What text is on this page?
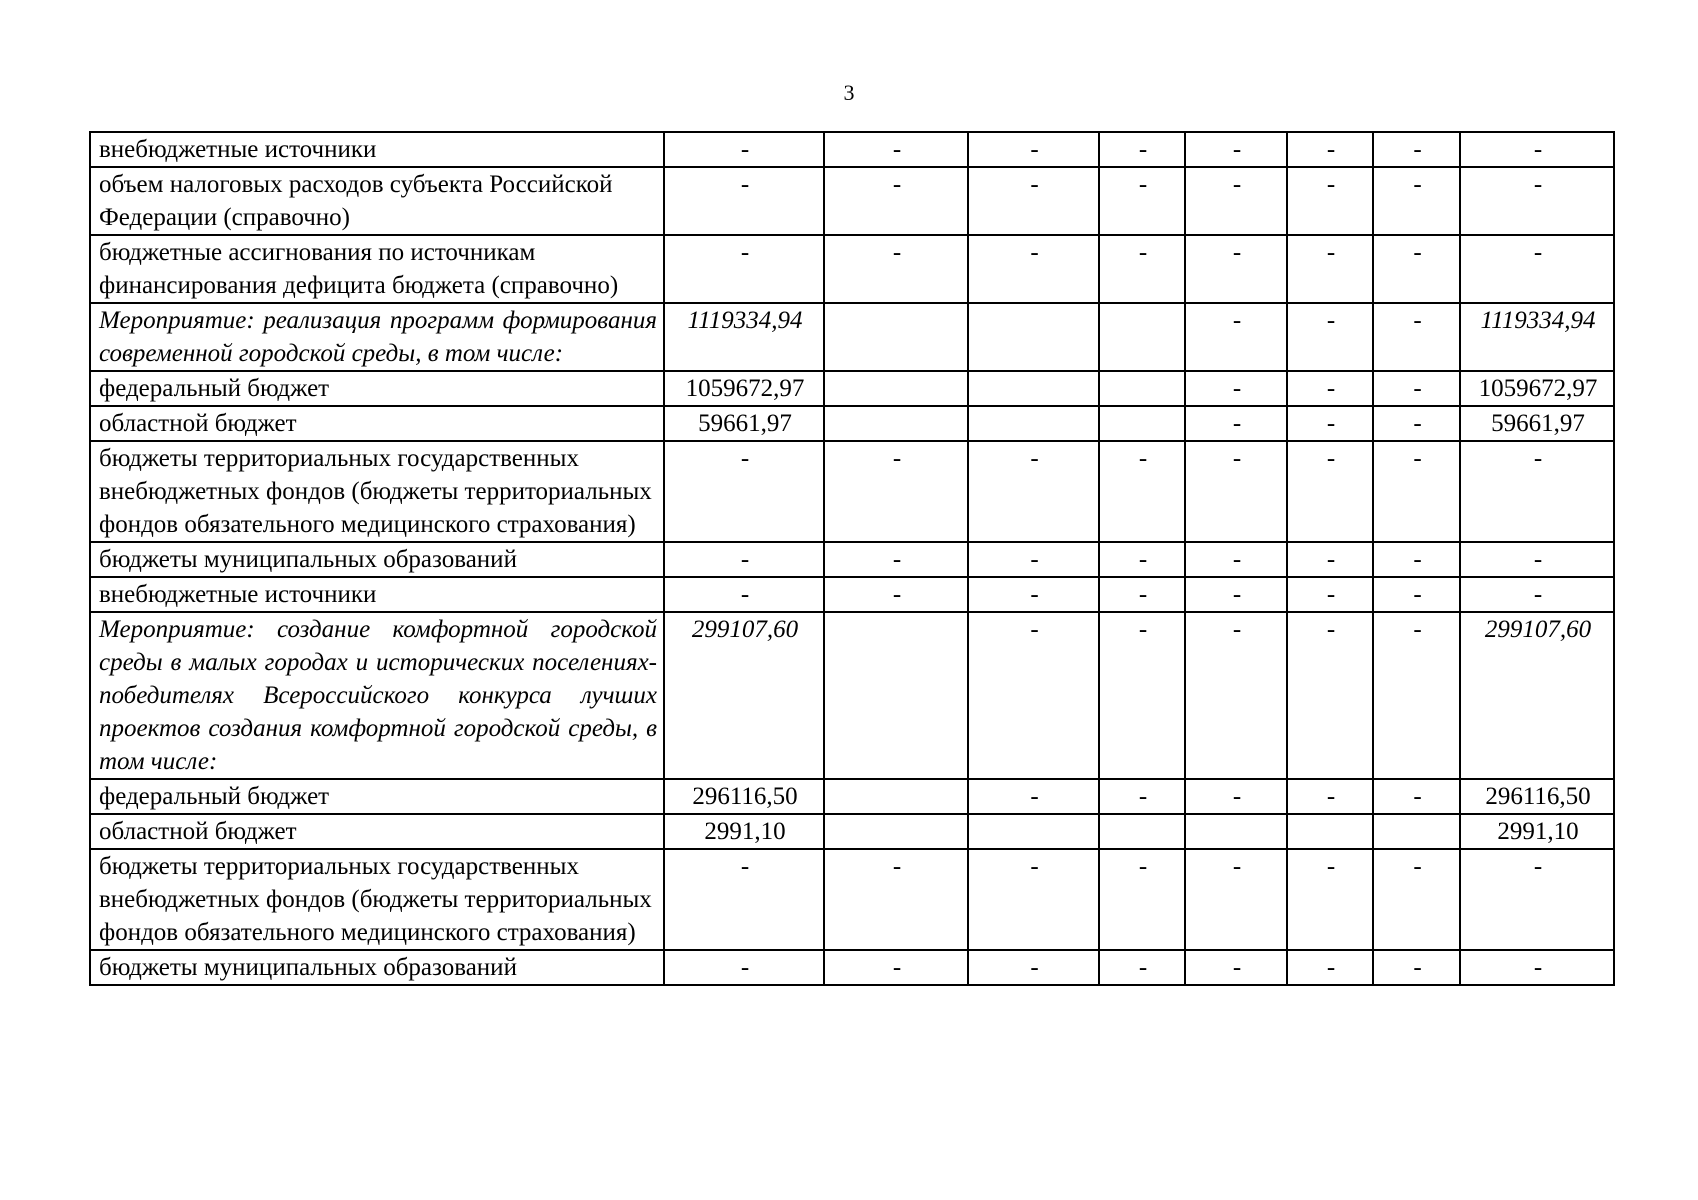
3
внебюджетные источники	-	-	-	-	-	-	-	-
объем налоговых расходов субъекта Российской Федерации (справочно)	-	-	-	-	-	-	-	-
бюджетные ассигнования по источникам финансирования дефицита бюджета (справочно)	-	-	-	-	-	-	-	-
Мероприятие: реализация программ формирования современной городской среды, в том числе:	1119334,94				-	-	-	1119334,94
федеральный бюджет	1059672,97				-	-	-	1059672,97
областной бюджет	59661,97				-	-	-	59661,97
бюджеты территориальных государственных внебюджетных фондов (бюджеты территориальных фондов обязательного медицинского страхования)	-	-	-	-	-	-	-	-
бюджеты муниципальных образований	-	-	-	-	-	-	-	-
внебюджетные источники	-	-	-	-	-	-	-	-
Мероприятие: создание комфортной городской среды в малых городах и исторических поселениях-победителях Всероссийского конкурса лучших проектов создания комфортной городской среды, в том числе:	299107,60		-	-	-	-	-	299107,60
федеральный бюджет	296116,50		-	-	-	-	-	296116,50
областной бюджет	2991,10							2991,10
бюджеты территориальных государственных внебюджетных фондов (бюджеты территориальных фондов обязательного медицинского страхования)	-	-	-	-	-	-	-	-
бюджеты муниципальных образований	-	-	-	-	-	-	-	-
